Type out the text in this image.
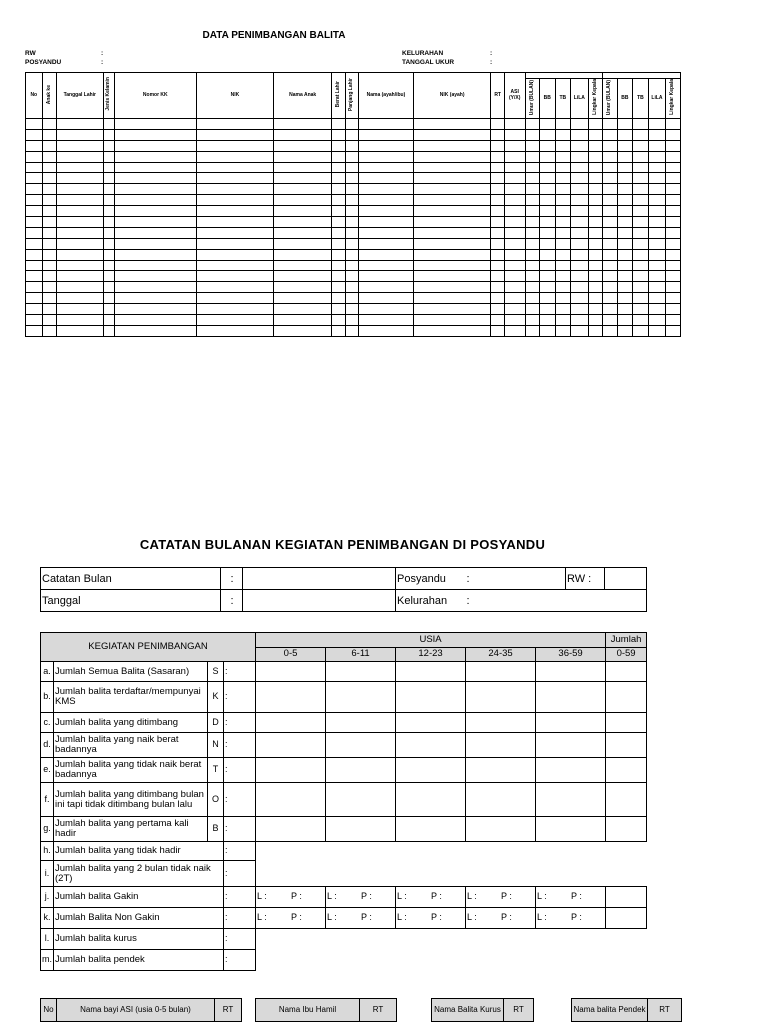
DATA PENIMBANGAN BALITA
RW	:
POSYANDU	:
KELURAHAN	:
TANGGAL UKUR	:
No	Anak ke	Tanggal Lahir	Jenis Kelamin	Nomor KK	NIK	Nama Anak	Berat Lahir	Panjang Lahir	Nama (ayah/ibu)	NIK (ayah)	RT	ASI (Y/X)										
													Umur (BULAN)	BB	TB	LiLA	Lingkar Kepala	Umur (BULAN)	BB	TB	LiLA	Lingkar Kepala

CATATAN BULANAN KEGIATAN PENIMBANGAN DI POSYANDU
Catatan Bulan	:		Posyandu	:	RW :	
Tanggal	:		Kelurahan	:		
KEGIATAN PENIMBANGAN				USIA					Jumlah
				0-5	6-11	12-23	24-35	36-59	0-59
a.	Jumlah Semua Balita (Sasaran)	S	:						
b.	Jumlah balita terdaftar/mempunyai KMS	K	:						
c.	Jumlah balita yang ditimbang	D	:						
d.	Jumlah balita yang naik berat badannya	N	:						
e.	Jumlah balita yang tidak naik berat badannya	T	:						
f.	Jumlah balita yang ditimbang bulan ini tapi tidak ditimbang bulan lalu	O	:						
g.	Jumlah balita yang pertama kali hadir	B	:						
h.	Jumlah balita yang tidak hadir		:						
i.	Jumlah balita yang 2 bulan tidak naik (2T)		:						
j.	Jumlah balita Gakin		:	L : P :	L : P :	L : P :	L : P :	L : P :	
k.	Jumlah Balita Non Gakin		:	L : P :	L : P :	L : P :	L : P :	L : P :	
l.	Jumlah balita kurus		:						
m.	Jumlah balita pendek		:						
No	Nama bayi ASI (usia 0-5 bulan)	RT	Nama Ibu Hamil	RT	Nama Balita Kurus	RT	Nama balita Pendek	RT
